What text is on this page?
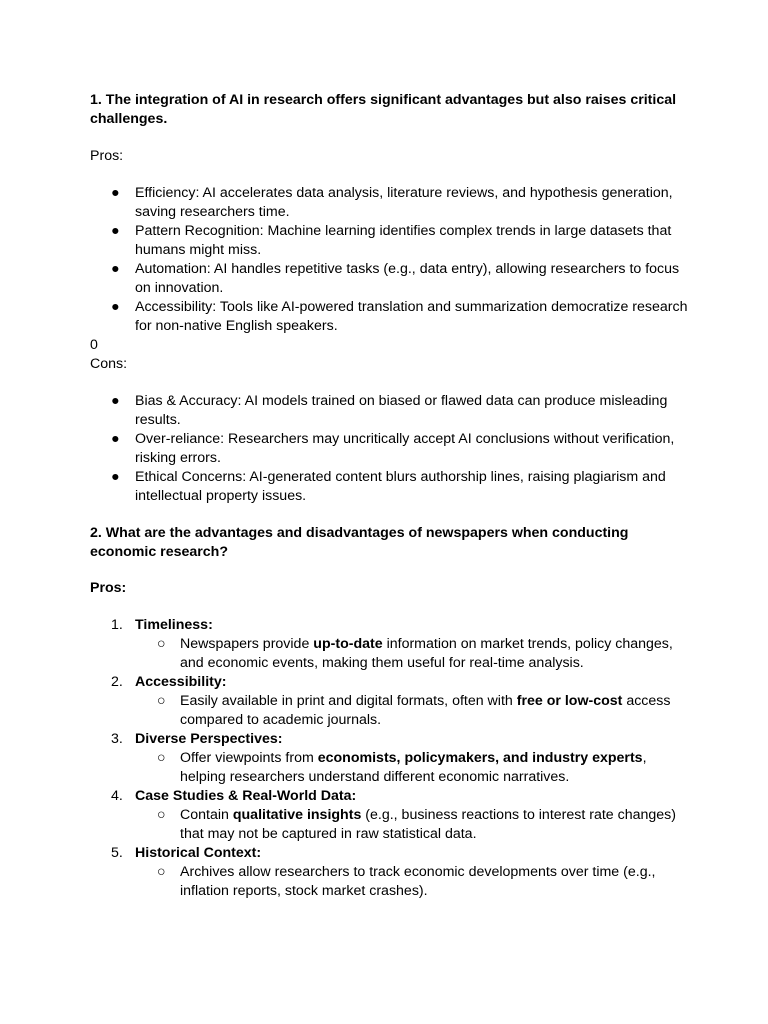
1. The integration of AI in research offers significant advantages but also raises critical challenges.

Pros:

● Efficiency: AI accelerates data analysis, literature reviews, and hypothesis generation, saving researchers time.
● Pattern Recognition: Machine learning identifies complex trends in large datasets that humans might miss.
● Automation: AI handles repetitive tasks (e.g., data entry), allowing researchers to focus on innovation.
● Accessibility: Tools like AI-powered translation and summarization democratize research for non-native English speakers.

0

Cons:

● Bias & Accuracy: AI models trained on biased or flawed data can produce misleading results.
● Over-reliance: Researchers may uncritically accept AI conclusions without verification, risking errors.
● Ethical Concerns: AI-generated content blurs authorship lines, raising plagiarism and intellectual property issues.

2. What are the advantages and disadvantages of newspapers when conducting economic research?

Pros:

1. Timeliness:
○ Newspapers provide up-to-date information on market trends, policy changes, and economic events, making them useful for real-time analysis.
2. Accessibility:
○ Easily available in print and digital formats, often with free or low-cost access compared to academic journals.
3. Diverse Perspectives:
○ Offer viewpoints from economists, policymakers, and industry experts, helping researchers understand different economic narratives.
4. Case Studies & Real-World Data:
○ Contain qualitative insights (e.g., business reactions to interest rate changes) that may not be captured in raw statistical data.
5. Historical Context:
○ Archives allow researchers to track economic developments over time (e.g., inflation reports, stock market crashes).
